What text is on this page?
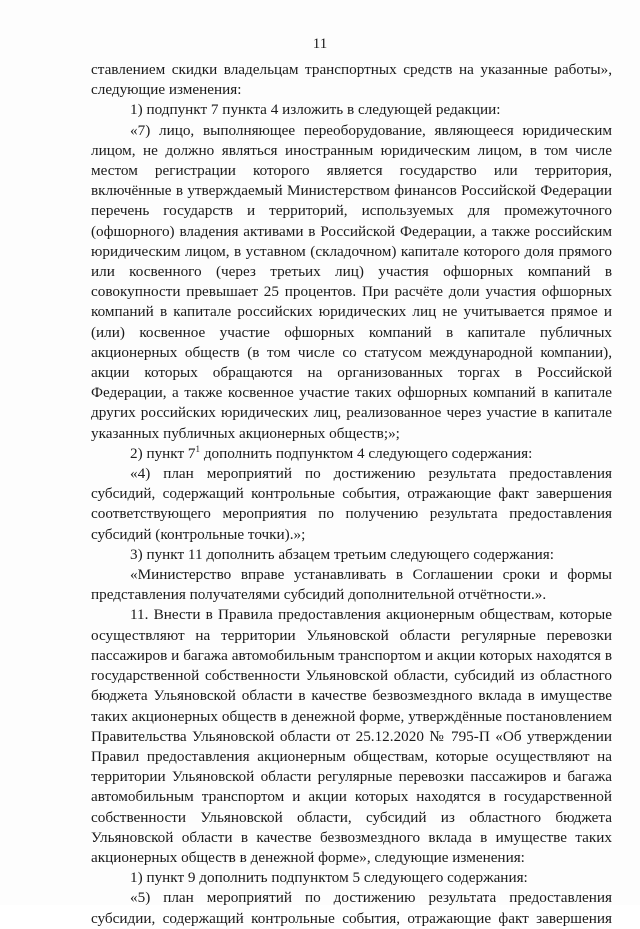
11

ставлением скидки владельцам транспортных средств на указанные работы», следующие изменения:

1) подпункт 7 пункта 4 изложить в следующей редакции:

«7) лицо, выполняющее переоборудование, являющееся юридическим лицом, не должно являться иностранным юридическим лицом, в том числе местом регистрации которого является государство или территория, включённые в утверждаемый Министерством финансов Российской Федерации перечень государств и территорий, используемых для промежуточного (офшорного) владения активами в Российской Федерации, а также российским юридическим лицом, в уставном (складочном) капитале которого доля прямого или косвенного (через третьих лиц) участия офшорных компаний в совокупности превышает 25 процентов. При расчёте доли участия офшорных компаний в капитале российских юридических лиц не учитывается прямое и (или) косвенное участие офшорных компаний в капитале публичных акционерных обществ (в том числе со статусом международной компании), акции которых обращаются на организованных торгах в Российской Федерации, а также косвенное участие таких офшорных компаний в капитале других российских юридических лиц, реализованное через участие в капитале указанных публичных акционерных обществ;»;

2) пункт $7^1$ дополнить подпунктом 4 следующего содержания:

«4) план мероприятий по достижению результата предоставления субсидий, содержащий контрольные события, отражающие факт завершения соответствующего мероприятия по получению результата предоставления субсидий (контрольные точки).»;

3) пункт 11 дополнить абзацем третьим следующего содержания:

«Министерство вправе устанавливать в Соглашении сроки и формы представления получателями субсидий дополнительной отчётности.».

11. Внести в Правила предоставления акционерным обществам, которые осуществляют на территории Ульяновской области регулярные перевозки пассажиров и багажа автомобильным транспортом и акции которых находятся в государственной собственности Ульяновской области, субсидий из областного бюджета Ульяновской области в качестве безвозмездного вклада в имуществе таких акционерных обществ в денежной форме, утверждённые постановлением Правительства Ульяновской области от 25.12.2020 № 795-П «Об утверждении Правил предоставления акционерным обществам, которые осуществляют на территории Ульяновской области регулярные перевозки пассажиров и багажа автомобильным транспортом и акции которых находятся в государственной собственности Ульяновской области, субсидий из областного бюджета Ульяновской области в качестве безвозмездного вклада в имуществе таких акционерных обществ в денежной форме», следующие изменения:

1) пункт 9 дополнить подпунктом 5 следующего содержания:

«5) план мероприятий по достижению результата предоставления субсидии, содержащий контрольные события, отражающие факт завершения
